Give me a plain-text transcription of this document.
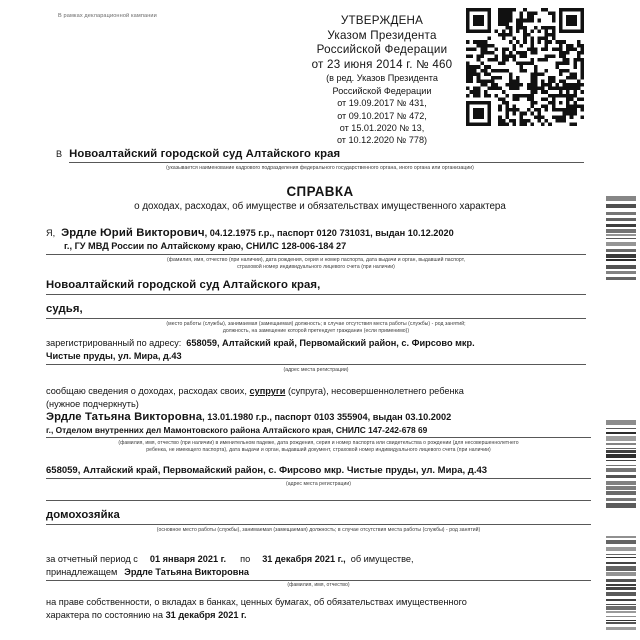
В рамках декларационной кампании	УТВЕРЖДЕНА
Указом Президента
Российской Федерации
от 23 июня 2014 г. № 460
(в ред. Указов Президента
Российской Федерации
от 19.09.2017 № 431,
от 09.10.2017 № 472,
от 15.01.2020 № 13,
от 10.12.2020 № 778)
В Новоалтайский городской суд Алтайского края
(указывается наименование кадрового подразделения федерального государственного органа, иного органа или организации)
СПРАВКА
о доходах, расходах, об имуществе и обязательствах имущественного характера
Я, Эрдле Юрий Викторович , 04.12.1975 г.р., паспорт 0120 731031, выдан 10.12.2020
г., ГУ МВД России по Алтайскому краю, СНИЛС 128-006-184 27
(фамилия, имя, отчество (при наличии), дата рождения, серия и номер паспорта, дата выдачи и орган, выдавший паспорт,
страховой номер индивидуального лицевого счета (при наличии)
Новоалтайский городской суд Алтайского края,
судья,
(место работы (службы), занимаемая (замещаемая) должность; в случае отсутствия места работы (службы) - род занятий;
должность, на замещение которой претендует гражданин (если применимо))
зарегистрированный по адресу: 658059, Алтайский край, Первомайский район, с. Фирсово мкр.
Чистые пруды, ул. Мира, д.43
(адрес места регистрации)
сообщаю сведения о доходах, расходах своих, супруги (супруга), несовершеннолетнего ребенка
(нужное подчеркнуть)
Эрдле Татьяна Викторовна , 13.01.1980 г.р., паспорт 0103 355904, выдан 03.10.2002
г., Отделом внутренних дел Мамонтовского района Алтайского края, СНИЛС 147-242-678 69
(фамилия, имя, отчество (при наличии) в именительном падеже, дата рождения, серия и номер паспорта или свидетельства о рождении (для несовершеннолетнего
ребенка, не имеющего паспорта), дата выдачи и орган, выдавший документ, страховой номер индивидуального лицевого счета (при наличии)
658059, Алтайский край, Первомайский район, с. Фирсово мкр. Чистые пруды, ул. Мира, д.43
(адрес места регистрации)
домохозяйка
(основное место работы (службы), занимаемая (замещаемая) должность; в случае отсутствия места работы (службы) - род занятий)
за отчетный период с 01 января 2021 г. по 31 декабря 2021 г., об имуществе,
принадлежащем Эрдле Татьяна Викторовна
(фамилия, имя, отчество)
на праве собственности, о вкладах в банках, ценных бумагах, об обязательствах имущественного
характера по состоянию на 31 декабря 2021 г.
